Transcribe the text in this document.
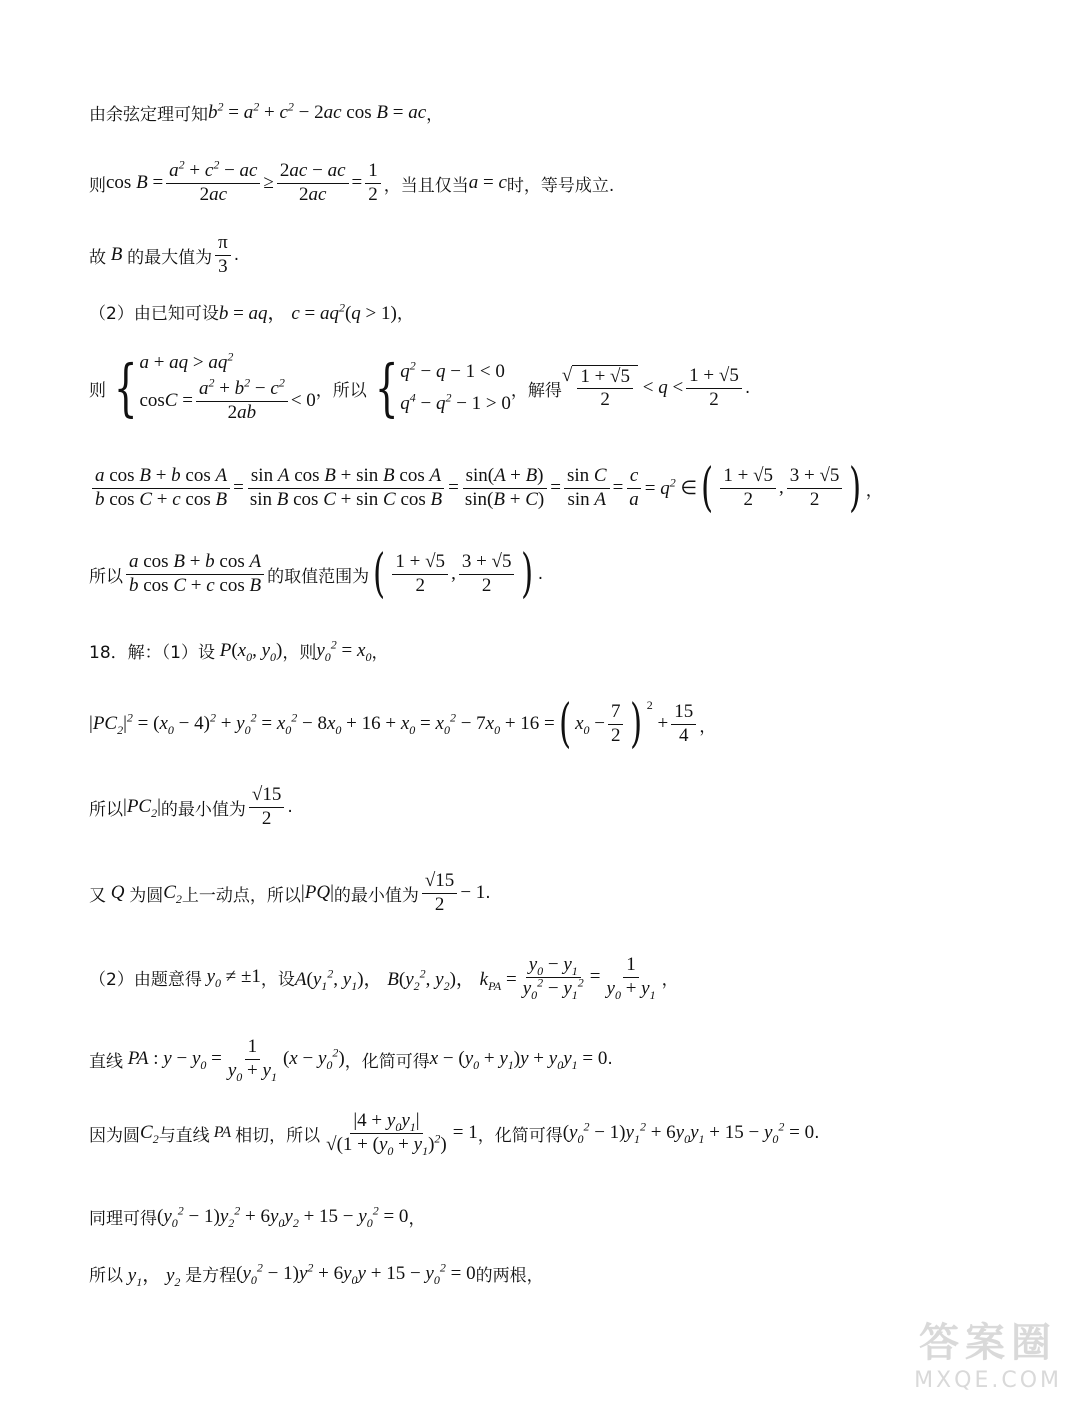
由余弦定理可知 $b^2 = a^2 + c^2 - 2ac$ cos B = ac ，
则 $\cos B = \frac{a^2 + c^2 - ac}{2ac} \ge \frac{2ac - ac}{2ac} = \frac{1}{2}$ ，当且仅当 a = c 时，等号成立.
故 B 的最大值为 $\frac{\pi}{3}$ .
（2）由已知可设 b = aq， $c = aq^2(q > 1)$ ，
则 { a + aq > $aq^2$
$\cos C = \frac{a^2 + b^2 - c^2}{2ab} < 0$ ，所以 { $q^2 - q - 1 < 0$
$q^4 - q^2 - 1 > 0$
，解得
√ $\frac{1 + √5}{2} < q < \frac{1 + √5}{2}$ .
$\frac{\text{a cos B + b cos A}}{\text{b cos C + c cos B}} = \frac{\text{sin A cos B + sin B cos A}}{\text{sin B cos C + sin C cos B}} = \frac{\sin(A + B)}{\sin(B + C)} = \frac{\text{sin C}}{\text{sin A}} = \frac{c}{a} = q^2$ ∈ ( $\frac{1 + √5}{2}$ , $\frac{3 + √5}{2}$ ) ，
所以 $\frac{\text{a cos B + b cos A}}{\text{b cos C + c cos B}}$ 的取值范围为 ( $\frac{1 + √5}{2}$ , $\frac{3 + √5}{2}$ ) .
18．解：（1）设 $P(x_0$, $y_0$) ，则 $y_0^2 = x_0$ ，
$|PC_2|^2 = (x_0 - 4)^2 + y_0^2 = x_0^2 - 8x_0 + 16 + x_0 = x_0^2 - 7x_0 + 16$ = ( $x_0 - \frac{7}{2}$ ) 2
+ $\frac{15}{4}$ ，
所以 $|PC_2|$ 的最小值为 $\frac{√15}{2}$ .
又 Q 为圆 $C_2$ 上一动点，所以 |PQ| 的最小值为 $\frac{√15}{2} - 1$ .
（2）由题意得 $y_0 \ne \pm 1$ ，设 $A(y_1^2$, $y_1$)， $B(y_2^2$, $y_2$)， $k_{PA} = \frac{y_0 - y_1}{y_0^2 - y_1^2} = \frac{1}{y_0 + y_1}$ ，
直线 PA : $y - y_0 = \frac{1}{y_0 + y_1} (x - y_0^2)$ ，化简可得 $x - (y_0 + y_1)y + y_0y_1 = 0$ .
因为圆 $C_2$ 与直线 PA 相切，所以 $\frac{|4 + y_0y_1|}{√(1 + (y_0 + y_1)^2)} = 1$ ，化简可得 $(y_0^2 - 1)y_1^2 + 6y_0y_1 + 15 - y_0^2 = 0$ .
同理可得 $(y_0^2 - 1)y_2^2 + 6y_0y_2 + 15 - y_0^2 = 0$ ，
所以 $y_1$， $y_2$ 是方程 $(y_0^2 - 1)y^2 + 6y_0y + 15 - y_0^2 = 0$ 的两根，
答案圈
MXQE.COM
